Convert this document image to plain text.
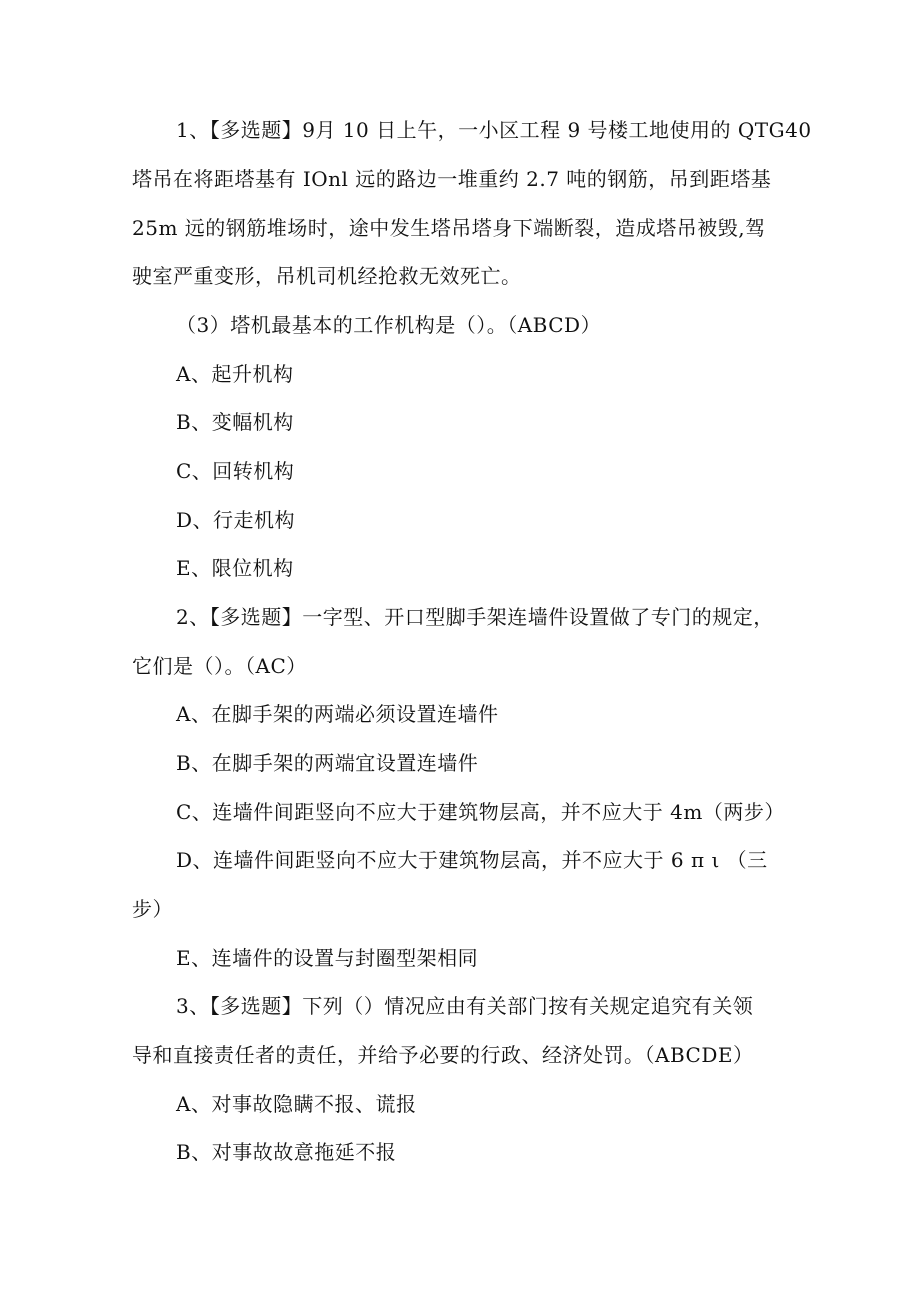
1、【多选题】9月 10 日上午，一小区工程 9 号楼工地使用的 QTG40
塔吊在将距塔基有 IOnl 远的路边一堆重约 2.7 吨的钢筋，吊到距塔基
25m 远的钢筋堆场时，途中发生塔吊塔身下端断裂，造成塔吊被毁,驾
驶室严重变形，吊机司机经抢救无效死亡。
（3）塔机最基本的工作机构是（）。（ABCD）
A、起升机构
B、变幅机构
C、回转机构
D、行走机构
E、限位机构
2、【多选题】一字型、开口型脚手架连墙件设置做了专门的规定，
它们是（）。（AC）
A、在脚手架的两端必须设置连墙件
B、在脚手架的两端宜设置连墙件
C、连墙件间距竖向不应大于建筑物层高，并不应大于 4m（两步）
D、连墙件间距竖向不应大于建筑物层高，并不应大于 6 π ι （三
步）
E、连墙件的设置与封圈型架相同
3、【多选题】下列（）情况应由有关部门按有关规定追究有关领
导和直接责任者的责任，并给予必要的行政、经济处罚。（ABCDE）
A、对事故隐瞒不报、谎报
B、对事故故意拖延不报
